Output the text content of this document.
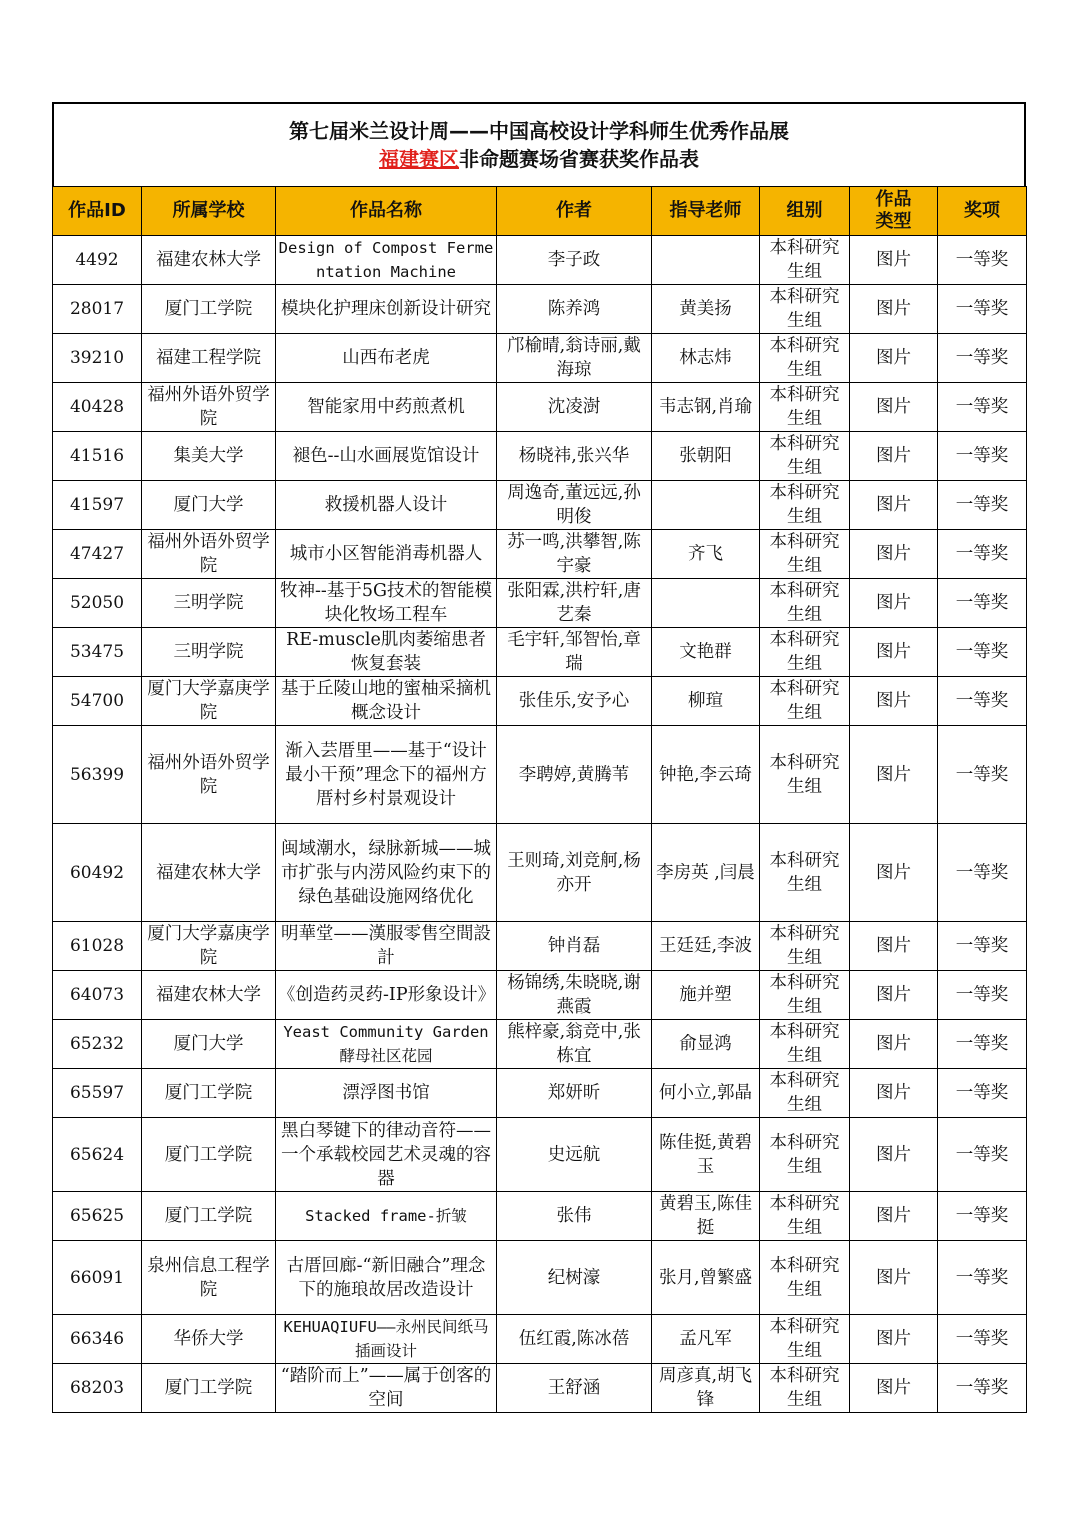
第七届米兰设计周——中国高校设计学科师生优秀作品展
福建赛区非命题赛场省赛获奖作品表
作品ID	所属学校	作品名称	作者	指导老师	组别	作品类型	奖项
4492	福建农林大学	Design of Compost Fermentation Machine	李子政		本科研究生组	图片	一等奖
28017	厦门工学院	模块化护理床创新设计研究	陈养鸿	黄美扬	本科研究生组	图片	一等奖
39210	福建工程学院	山西布老虎	邝榆晴,翁诗丽,戴海琼	林志炜	本科研究生组	图片	一等奖
40428	福州外语外贸学院	智能家用中药煎煮机	沈凌澍	韦志钢,肖瑜	本科研究生组	图片	一等奖
41516	集美大学	褪色--山水画展览馆设计	杨晓祎,张兴华	张朝阳	本科研究生组	图片	一等奖
41597	厦门大学	救援机器人设计	周逸奇,董远远,孙明俊		本科研究生组	图片	一等奖
47427	福州外语外贸学院	城市小区智能消毒机器人	苏一鸣,洪攀智,陈宇豪	齐飞	本科研究生组	图片	一等奖
52050	三明学院	牧神--基于5G技术的智能模块化牧场工程车	张阳霖,洪柠轩,唐艺秦		本科研究生组	图片	一等奖
53475	三明学院	RE-muscle肌肉萎缩患者恢复套装	毛宇轩,邹智怡,章瑞	文艳群	本科研究生组	图片	一等奖
54700	厦门大学嘉庚学院	基于丘陵山地的蜜柚采摘机概念设计	张佳乐,安予心	柳瑄	本科研究生组	图片	一等奖
56399	福州外语外贸学院	渐入芸厝里——基于“设计最小干预”理念下的福州方厝村乡村景观设计	李聘婷,黄腾苇	钟艳,李云琦	本科研究生组	图片	一等奖
60492	福建农林大学	闽域潮水，绿脉新城——城市扩张与内涝风险约束下的绿色基础设施网络优化	王则琦,刘竞舸,杨亦开	李房英 ,闫晨	本科研究生组	图片	一等奖
61028	厦门大学嘉庚学院	明華堂——漢服零售空間設計	钟肖磊	王廷廷,李波	本科研究生组	图片	一等奖
64073	福建农林大学	《创造药灵药-IP形象设计》	杨锦绣,朱晓晓,谢燕霞	施并塑	本科研究生组	图片	一等奖
65232	厦门大学	Yeast Community Garden 酵母社区花园	熊梓豪,翁竞中,张栋宜	俞显鸿	本科研究生组	图片	一等奖
65597	厦门工学院	漂浮图书馆	郑妍昕	何小立,郭晶	本科研究生组	图片	一等奖
65624	厦门工学院	黑白琴键下的律动音符——一个承载校园艺术灵魂的容器	史远航	陈佳挺,黄碧玉	本科研究生组	图片	一等奖
65625	厦门工学院	Stacked frame-折皱	张伟	黄碧玉,陈佳挺	本科研究生组	图片	一等奖
66091	泉州信息工程学院	古厝回廊-“新旧融合”理念下的施琅故居改造设计	纪树濠	张月,曾繁盛	本科研究生组	图片	一等奖
66346	华侨大学	KEHUAQIUFU——永州民间纸马插画设计	伍红霞,陈冰蓓	孟凡军	本科研究生组	图片	一等奖
68203	厦门工学院	“踏阶而上”——属于创客的空间	王舒涵	周彦真,胡飞锋	本科研究生组	图片	一等奖
